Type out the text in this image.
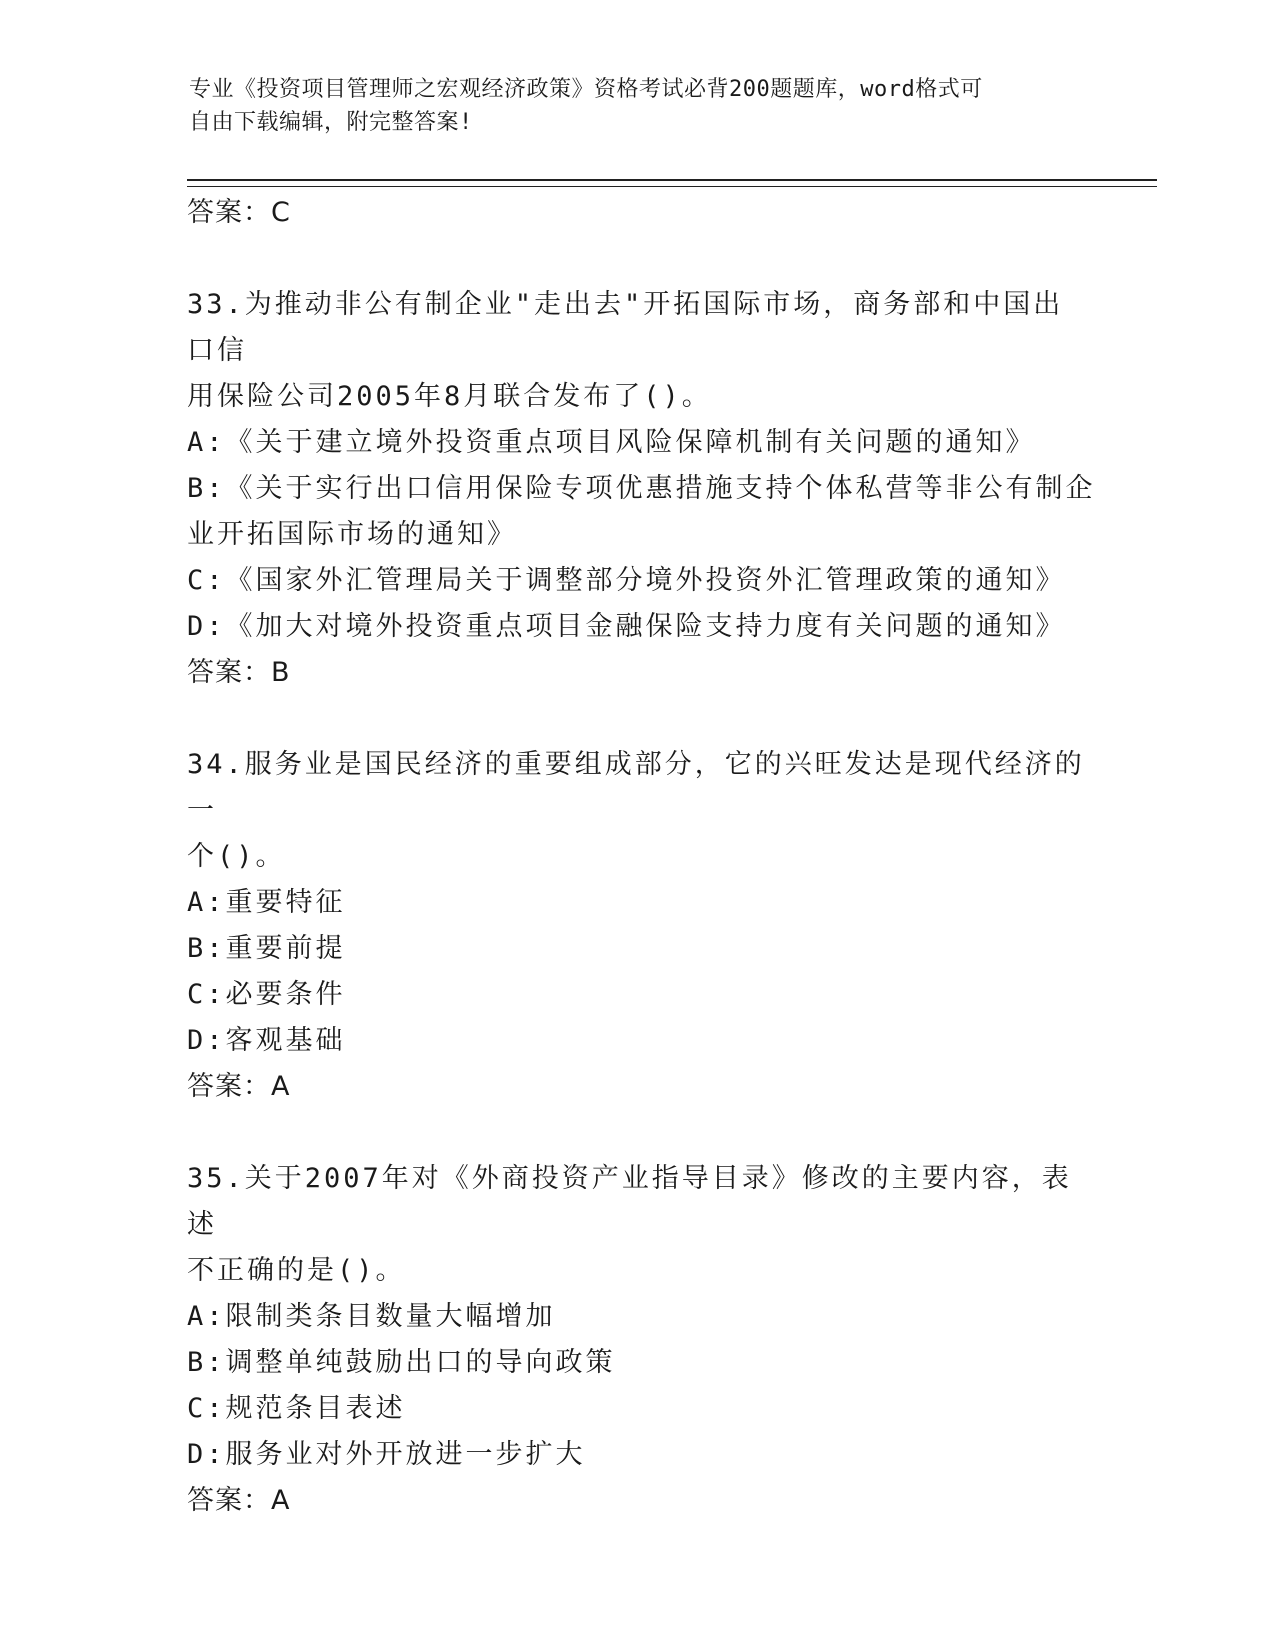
专业《投资项目管理师之宏观经济政策》资格考试必背200题题库，word格式可
自由下载编辑，附完整答案!
答案：C
33.为推动非公有制企业"走出去"开拓国际市场，商务部和中国出口信
用保险公司2005年8月联合发布了()。
A:《关于建立境外投资重点项目风险保障机制有关问题的通知》
B:《关于实行出口信用保险专项优惠措施支持个体私营等非公有制企
业开拓国际市场的通知》
C:《国家外汇管理局关于调整部分境外投资外汇管理政策的通知》
D:《加大对境外投资重点项目金融保险支持力度有关问题的通知》
答案：B
34.服务业是国民经济的重要组成部分，它的兴旺发达是现代经济的一
个()。
A:重要特征
B:重要前提
C:必要条件
D:客观基础
答案：A
35.关于2007年对《外商投资产业指导目录》修改的主要内容，表述
不正确的是()。
A:限制类条目数量大幅增加
B:调整单纯鼓励出口的导向政策
C:规范条目表述
D:服务业对外开放进一步扩大
答案：A
